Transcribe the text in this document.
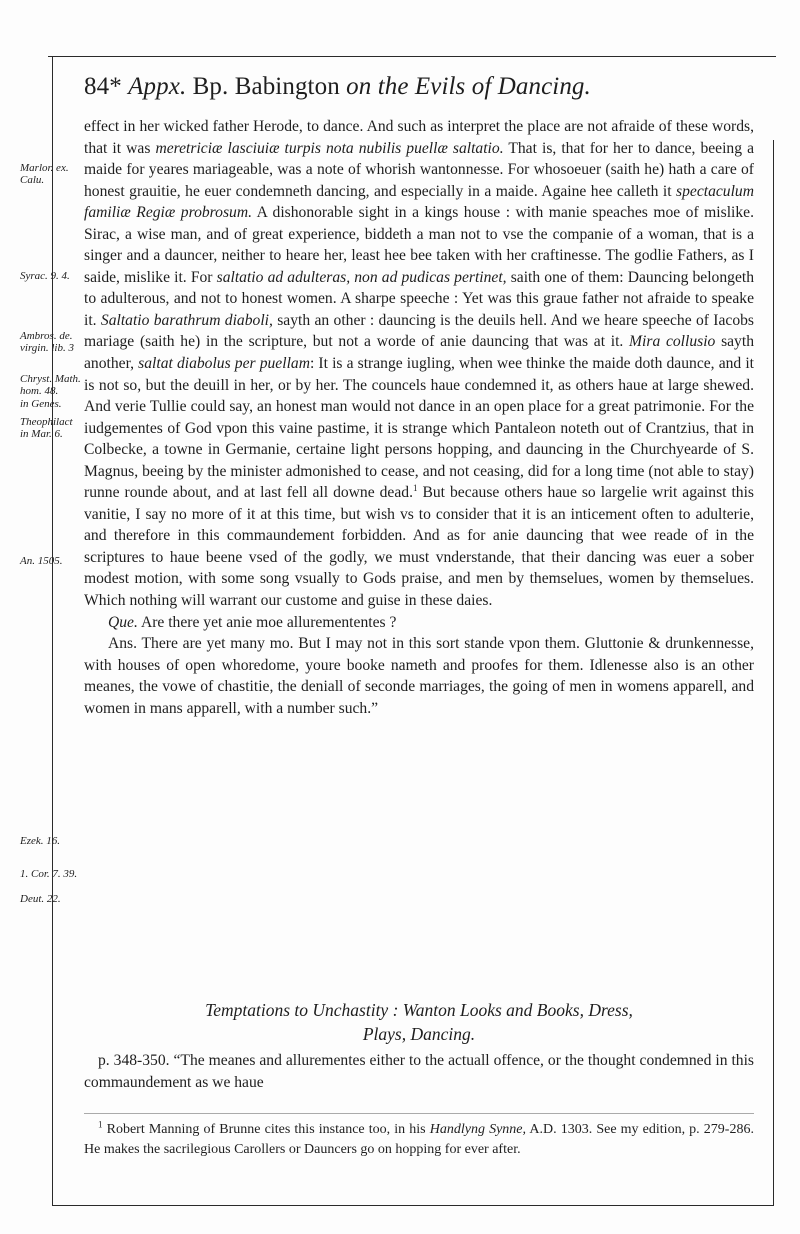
84* Appx. Bp. Babington on the Evils of Dancing.
Marlor. ex. Calu.
Syrac. 9. 4.
Ambros. de. virgin. lib. 3
Chryst. Math. hom. 48.
in Genes.
Theophilact in Mar. 6.
An. 1505.
Ezek. 16.
1. Cor. 7. 39.
Deut. 22.

effect in her wicked father Herode, to dance. And such as interpret the place are not afraide of these words, that it was meretriciæ lasciuiæ turpis nota nubilis puellæ saltatio. That is, that for her to dance, beeing a maide for yeares mariageable, was a note of whorish wantonnesse. For whosoeuer (saith he) hath a care of honest grauitie, he euer condemneth dancing, and especially in a maide. Againe hee calleth it spectaculum familiæ Regiæ probrosum. A dishonorable sight in a kings house : with manie speaches moe of mislike. Sirac, a wise man, and of great experience, biddeth a man not to vse the companie of a woman, that is a singer and a dauncer, neither to heare her, least hee bee taken with her craftinesse. The godlie Fathers, as I saide, mislike it. For saltatio ad adulteras, non ad pudicas pertinet, saith one of them: Dauncing belongeth to adulterous, and not to honest women. A sharpe speeche : Yet was this graue father not afraide to speake it. Saltatio barathrum diaboli, sayth an other : dauncing is the deuils hell. And we heare speeche of Iacobs mariage (saith he) in the scripture, but not a worde of anie dauncing that was at it. Mira collusio sayth another, saltat diabolus per puellam: It is a strange iugling, when wee thinke the maide doth daunce, and it is not so, but the deuill in her, or by her. The councels haue condemned it, as others haue at large shewed. And verie Tullie could say, an honest man would not dance in an open place for a great patrimonie. For the iudgementes of God vpon this vaine pastime, it is strange which Pantaleon noteth out of Crantzius, that in Colbecke, a towne in Germanie, certaine light persons hopping, and dauncing in the Churchyearde of S. Magnus, beeing by the minister admonished to cease, and not ceasing, did for a long time (not able to stay) runne rounde about, and at last fell all downe dead.$^1$ But because others haue so largelie writ against this vanitie, I say no more of it at this time, but wish vs to consider that it is an inticement often to adulterie, and therefore in this commaundement forbidden. And as for anie dauncing that wee reade of in the scriptures to haue beene vsed of the godly, we must vnderstande, that their dancing was euer a sober modest motion, with some song vsually to Gods praise, and men by themselues, women by themselues. Which nothing will warrant our custome and guise in these daies.

Que. Are there yet anie moe alluremententes ?

Ans. There are yet many mo. But I may not in this sort stande vpon them. Gluttonie & drunkennesse, with houses of open whoredome, youre booke nameth and proofes for them. Idlenesse also is an other meanes, the vowe of chastitie, the deniall of seconde marriages, the going of men in womens apparell, and women in mans apparell, with a number such.”

Temptations to Unchastity : Wanton Looks and Books, Dress,
Plays, Dancing.
p. 348-350. “The meanes and allurementes either to the actuall offence, or the thought condemned in this commaundement as we haue
$^1$ Robert Manning of Brunne cites this instance too, in his Handlyng Synne, A.D. 1303. See my edition, p. 279-286. He makes the sacrilegious Carollers or Dauncers go on hopping for ever after.
